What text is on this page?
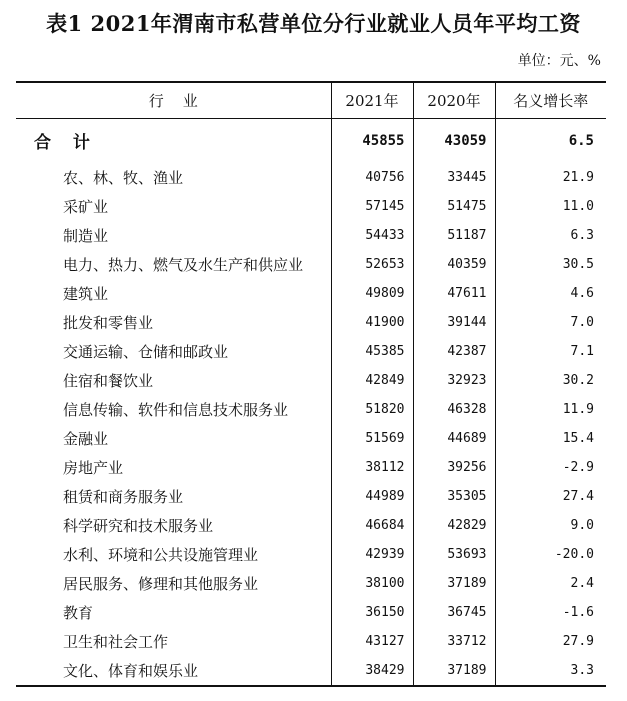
表1 2021年渭南市私营单位分行业就业人员年平均工资
单位：元、%
行    业	2021年	2020年	名义增长率
合 计	45855	43059	6.5
农、林、牧、渔业	40756	33445	21.9
采矿业	57145	51475	11.0
制造业	54433	51187	6.3
电力、热力、燃气及水生产和供应业	52653	40359	30.5
建筑业	49809	47611	4.6
批发和零售业	41900	39144	7.0
交通运输、仓储和邮政业	45385	42387	7.1
住宿和餐饮业	42849	32923	30.2
信息传输、软件和信息技术服务业	51820	46328	11.9
金融业	51569	44689	15.4
房地产业	38112	39256	-2.9
租赁和商务服务业	44989	35305	27.4
科学研究和技术服务业	46684	42829	9.0
水利、环境和公共设施管理业	42939	53693	-20.0
居民服务、修理和其他服务业	38100	37189	2.4
教育	36150	36745	-1.6
卫生和社会工作	43127	33712	27.9
文化、体育和娱乐业	38429	37189	3.3
